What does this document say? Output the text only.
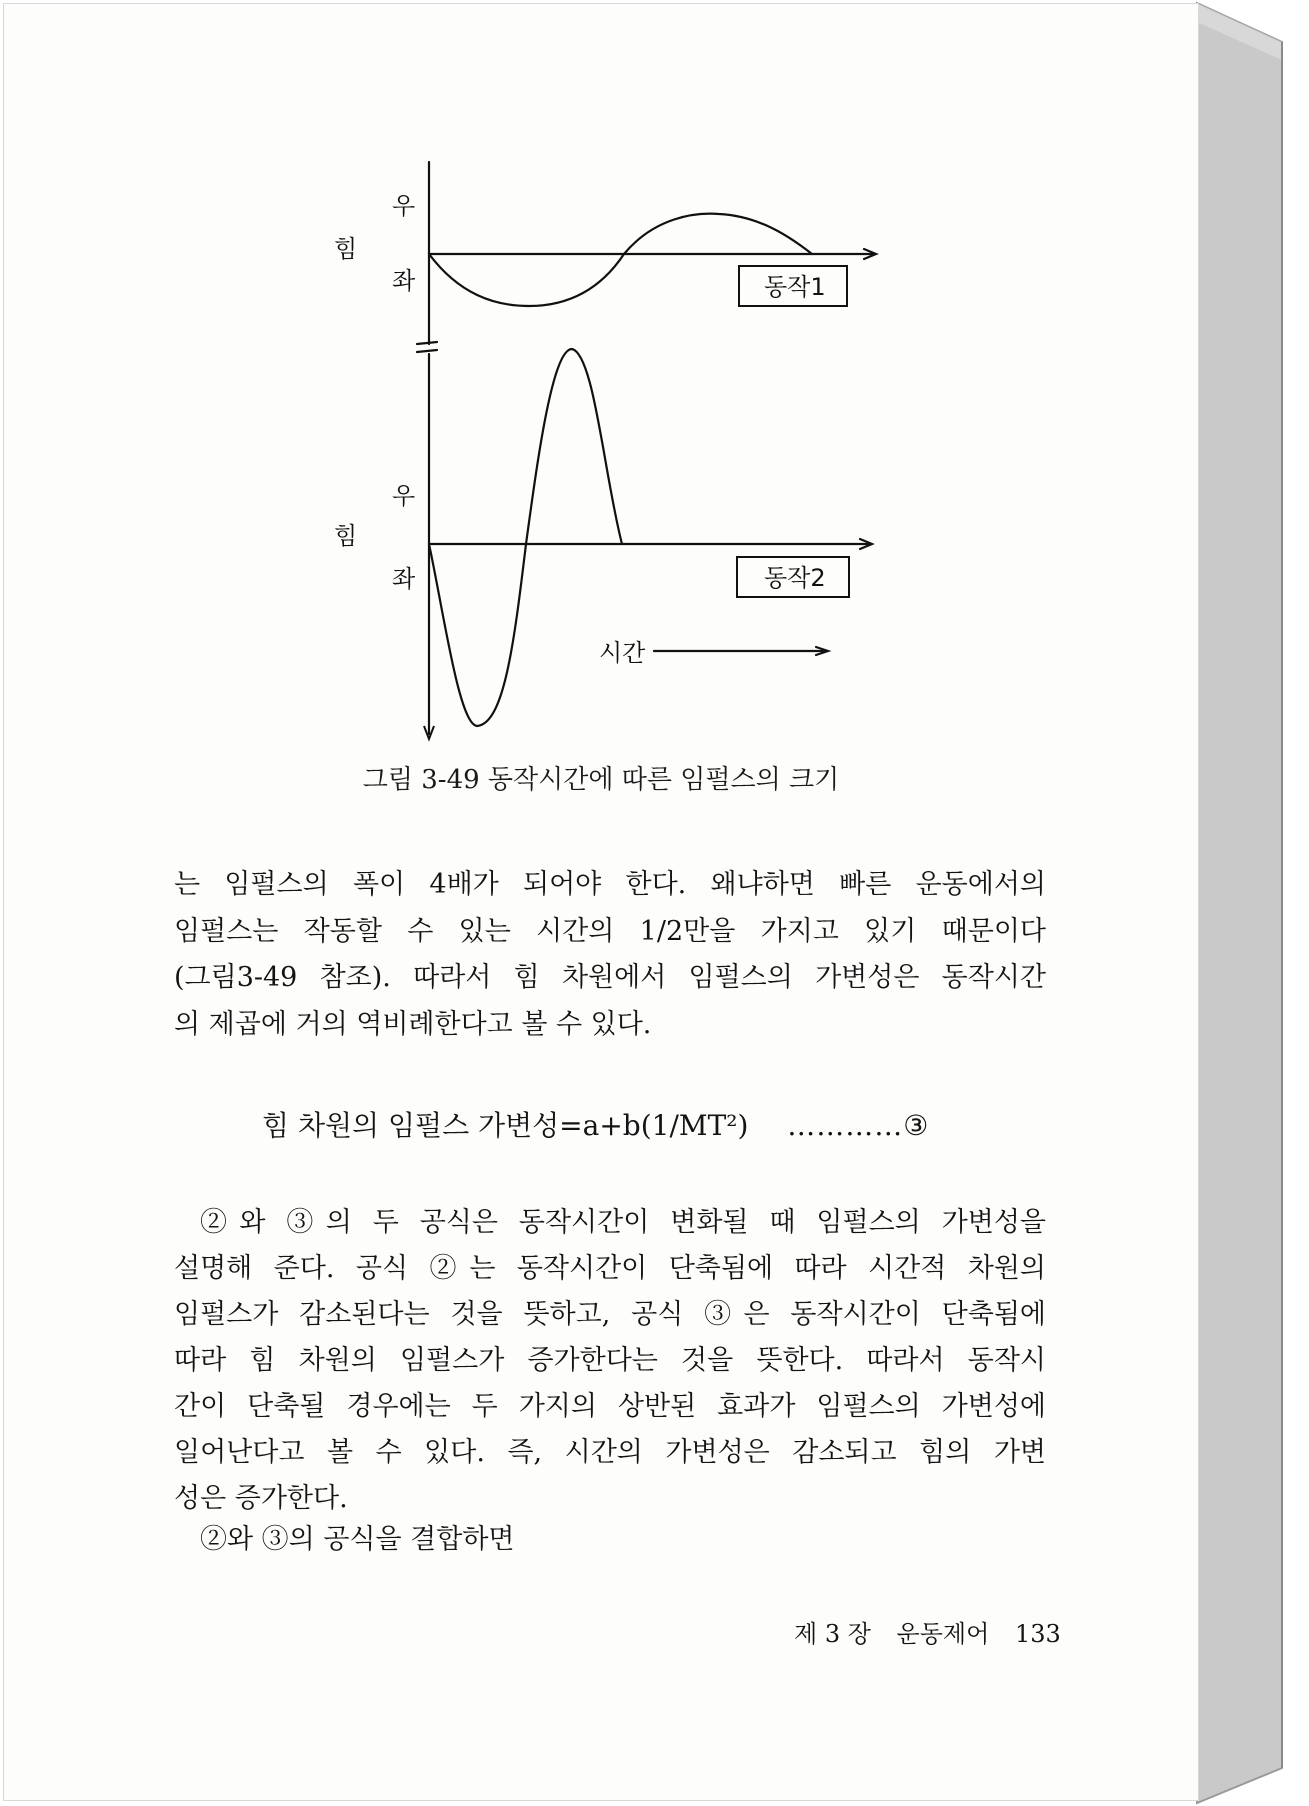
우
힘
좌	동작1
우
힘
좌	동작2
시간
그림 3-49 동작시간에 따른 임펄스의 크기

는 임펄스의 폭이 4배가 되어야 한다. 왜냐하면 빠른 운동에서의
임펄스는 작동할 수 있는 시간의 1/2만을 가지고 있기 때문이다
(그림3-49 참조). 따라서 힘 차원에서 임펄스의 가변성은 동작시간
의 제곱에 거의 역비례한다고 볼 수 있다.

힘 차원의 임펄스 가변성=a+b(1/MT²) …………③

②와 ③의 두 공식은 동작시간이 변화될 때 임펄스의 가변성을
설명해 준다. 공식 ②는 동작시간이 단축됨에 따라 시간적 차원의
임펄스가 감소된다는 것을 뜻하고, 공식 ③은 동작시간이 단축됨에
따라 힘 차원의 임펄스가 증가한다는 것을 뜻한다. 따라서 동작시
간이 단축될 경우에는 두 가지의 상반된 효과가 임펄스의 가변성에
일어난다고 볼 수 있다. 즉, 시간의 가변성은 감소되고 힘의 가변
성은 증가한다.

②와 ③의 공식을 결합하면

제 3 장 운동제어 133
